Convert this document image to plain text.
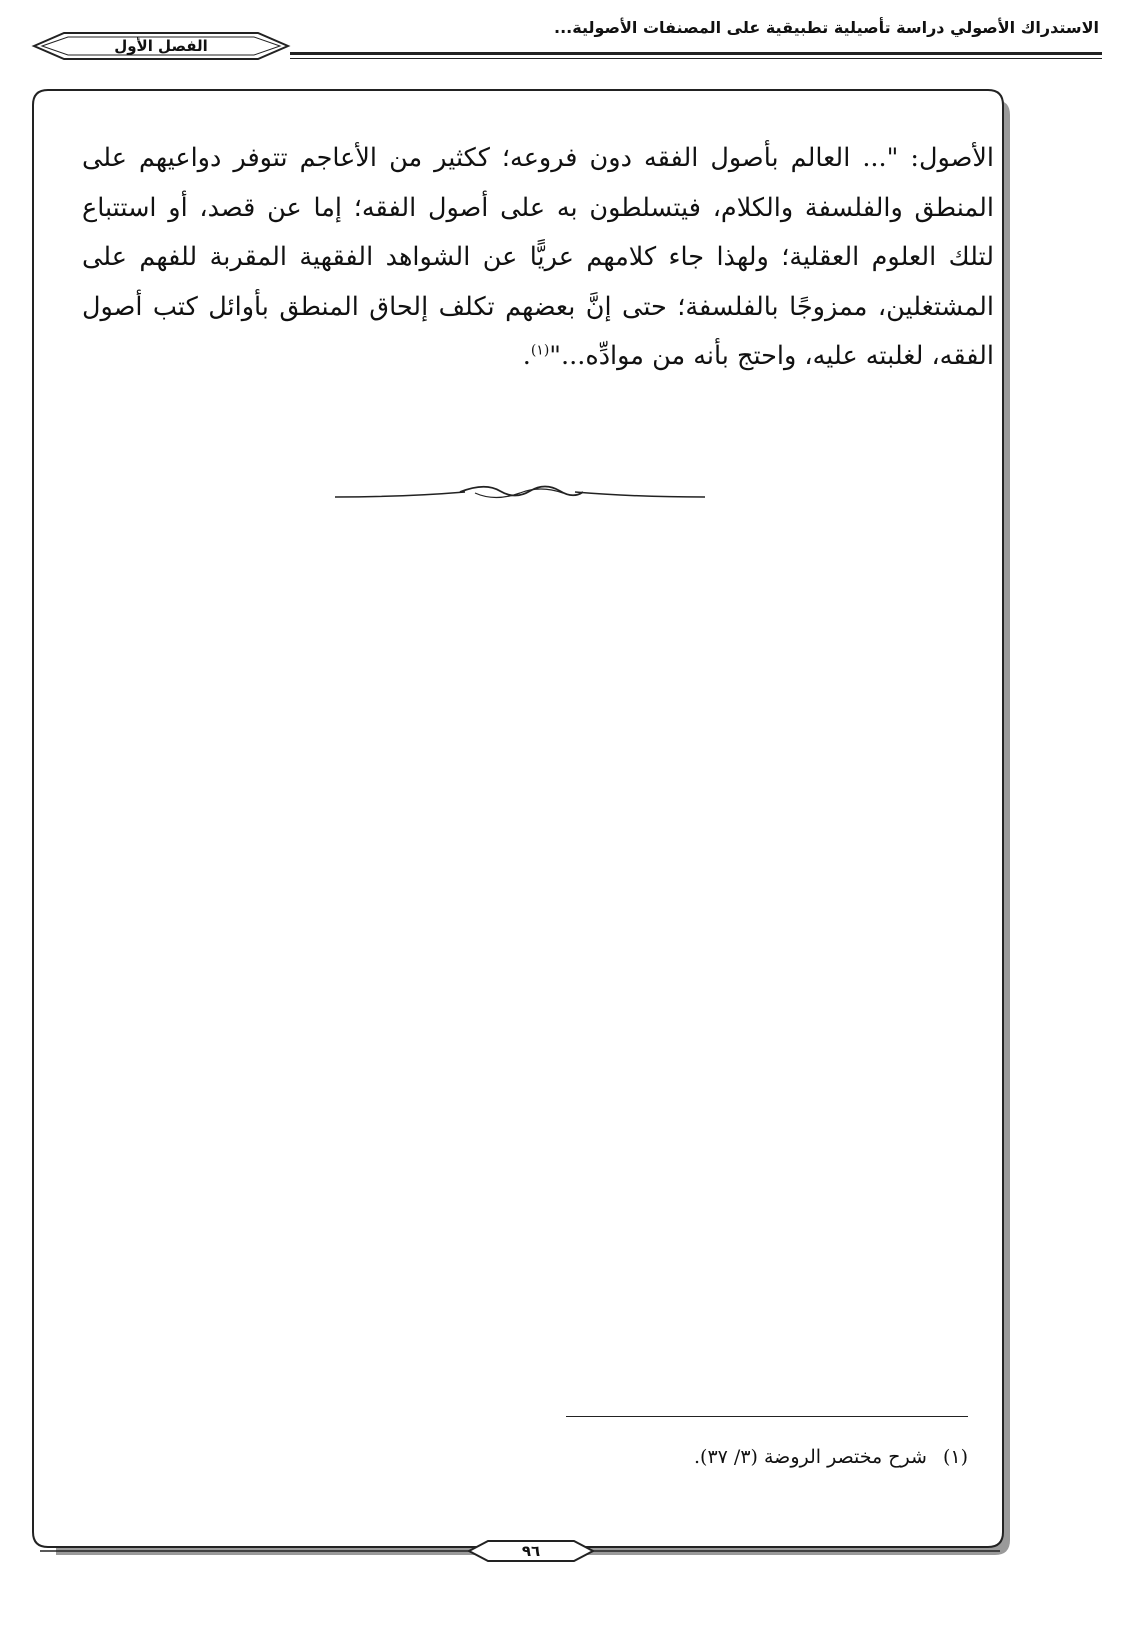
الاستدراك الأصولي دراسة تأصيلية تطبيقية على المصنفات الأصولية...
الفصل الأول
الأصول: "... العالم بأصول الفقه دون فروعه؛ ككثير من الأعاجم تتوفر دواعيهم على المنطق والفلسفة والكلام، فيتسلطون به على أصول الفقه؛ إما عن قصد، أو استتباع لتلك العلوم العقلية؛ ولهذا جاء كلامهم عريًّا عن الشواهد الفقهية المقربة للفهم على المشتغلين، ممزوجًا بالفلسفة؛ حتى إنَّ بعضهم تكلف إلحاق المنطق بأوائل كتب أصول الفقه، لغلبته عليه، واحتج بأنه من موادِّه..."$^{(١)}$.
(١)شرح مختصر الروضة (٣/ ٣٧).
٩٦
